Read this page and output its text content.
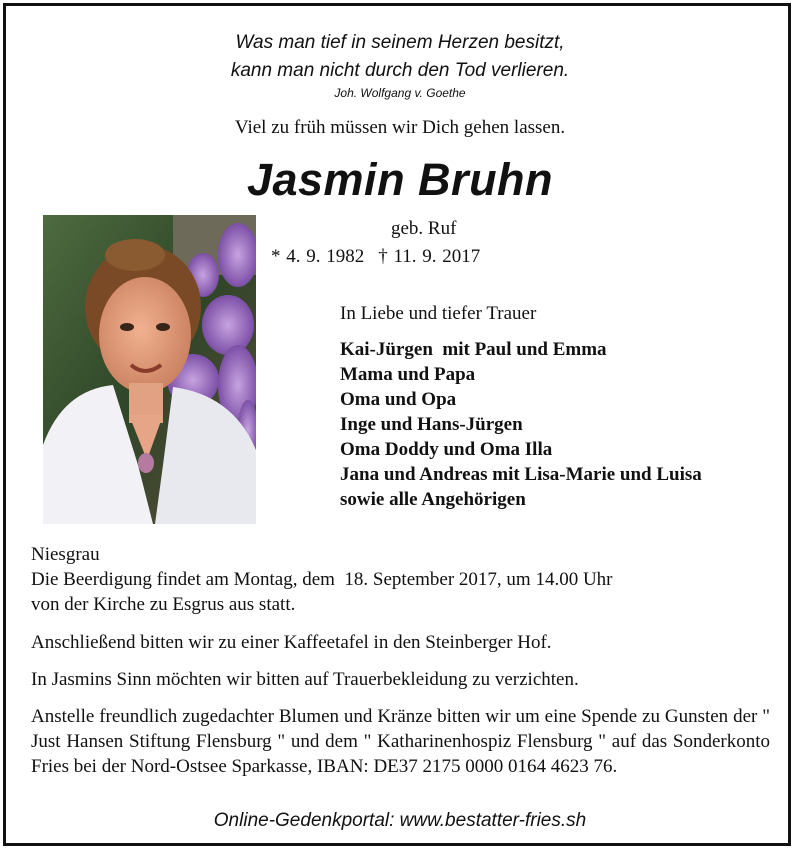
Was man tief in seinem Herzen besitzt,
kann man nicht durch den Tod verlieren.
Joh. Wolfgang v. Goethe
Viel zu früh müssen wir Dich gehen lassen.
Jasmin Bruhn
geb. Ruf
* 4. 9. 1982 † 11. 9. 2017
In Liebe und tiefer Trauer
Kai-Jürgen  mit Paul und Emma
Mama und Papa
Oma und Opa
Inge und Hans-Jürgen
Oma Doddy und Oma Illa
Jana und Andreas mit Lisa-Marie und Luisa
sowie alle Angehörigen
Niesgrau
Die Beerdigung findet am Montag, dem  18. September 2017, um 14.00 Uhr
von der Kirche zu Esgrus aus statt.
Anschließend bitten wir zu einer Kaffeetafel in den Steinberger Hof.
In Jasmins Sinn möchten wir bitten auf Trauerbekleidung zu verzichten.
Anstelle freundlich zugedachter Blumen und Kränze bitten wir um eine Spende zu Gunsten der " Just Hansen Stiftung Flensburg " und dem " Katharinenhospiz Flensburg " auf das Sonderkonto Fries bei der Nord-Ostsee Sparkasse, IBAN: DE37 2175 0000 0164 4623 76.
Online-Gedenkportal: www.bestatter-fries.sh
